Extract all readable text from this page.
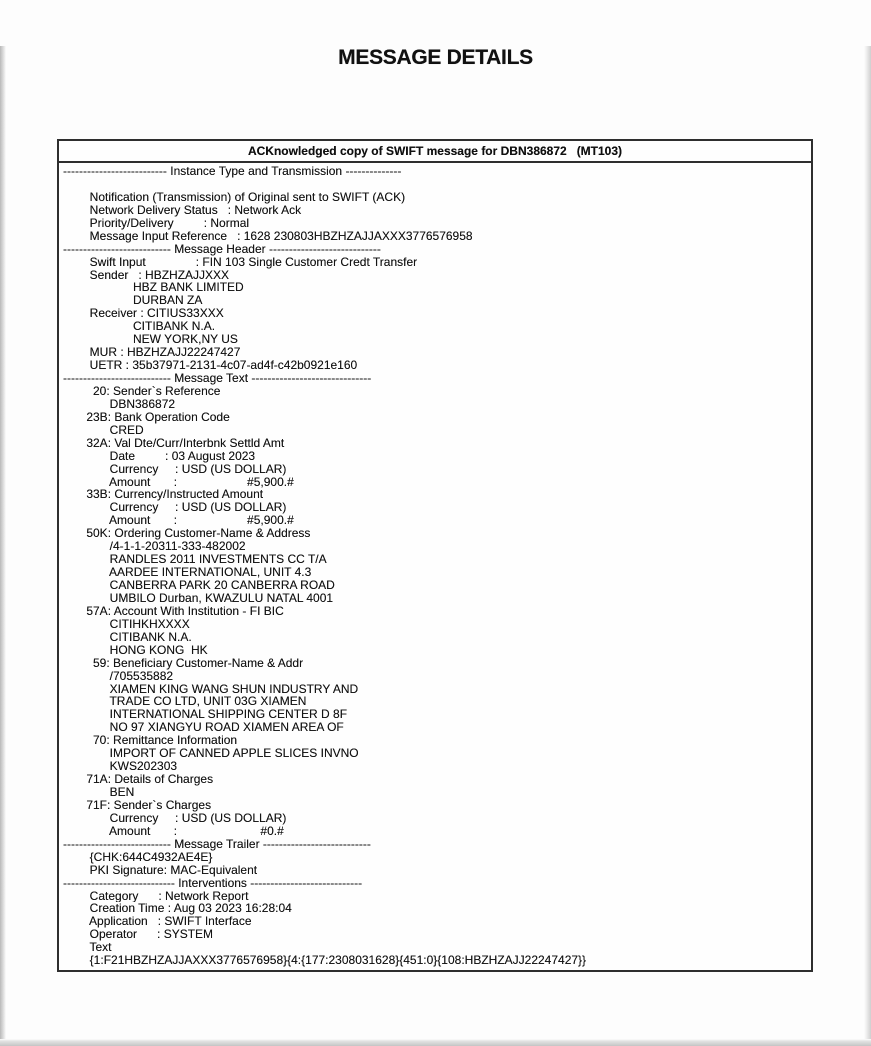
MESSAGE DETAILS
ACKnowledged copy of SWIFT message for DBN386872   (MT103)
-------------------------- Instance Type and Transmission --------------

Notification (Transmission) of Original sent to SWIFT (ACK)
Network Delivery Status   : Network Ack
Priority/Delivery         : Normal
Message Input Reference   : 1628 230803HBZHZAJJAXXX3776576958
--------------------------- Message Header ----------------------------
Swift Input               : FIN 103 Single Customer Credt Transfer
Sender   : HBZHZAJJXXX
HBZ BANK LIMITED
DURBAN ZA
Receiver : CITIUS33XXX
CITIBANK N.A.
NEW YORK,NY US
MUR : HBZHZAJJ22247427
UETR : 35b37971-2131-4c07-ad4f-c42b0921e160
--------------------------- Message Text ------------------------------
20: Sender`s Reference
DBN386872
23B: Bank Operation Code
CRED
32A: Val Dte/Curr/Interbnk Settld Amt
Date         : 03 August 2023
Currency     : USD (US DOLLAR)
Amount       :                     #5,900.#
33B: Currency/Instructed Amount
Currency     : USD (US DOLLAR)
Amount       :                     #5,900.#
50K: Ordering Customer-Name & Address
/4-1-1-20311-333-482002
RANDLES 2011 INVESTMENTS CC T/A
AARDEE INTERNATIONAL, UNIT 4.3
CANBERRA PARK 20 CANBERRA ROAD
UMBILO Durban, KWAZULU NATAL 4001
57A: Account With Institution - FI BIC
CITIHKHXXXX
CITIBANK N.A.
HONG KONG  HK
59: Beneficiary Customer-Name & Addr
/705535882
XIAMEN KING WANG SHUN INDUSTRY AND
TRADE CO LTD, UNIT 03G XIAMEN
INTERNATIONAL SHIPPING CENTER D 8F
NO 97 XIANGYU ROAD XIAMEN AREA OF
70: Remittance Information
IMPORT OF CANNED APPLE SLICES INVNO
KWS202303
71A: Details of Charges
BEN
71F: Sender`s Charges
Currency     : USD (US DOLLAR)
Amount       :                         #0.#
--------------------------- Message Trailer ---------------------------
{CHK:644C4932AE4E}
PKI Signature: MAC-Equivalent
---------------------------- Interventions ----------------------------
Category      : Network Report
Creation Time : Aug 03 2023 16:28:04
Application   : SWIFT Interface
Operator      : SYSTEM
Text
{1:F21HBZHZAJJAXXX3776576958}{4:{177:2308031628}{451:0}{108:HBZHZAJJ22247427}}
